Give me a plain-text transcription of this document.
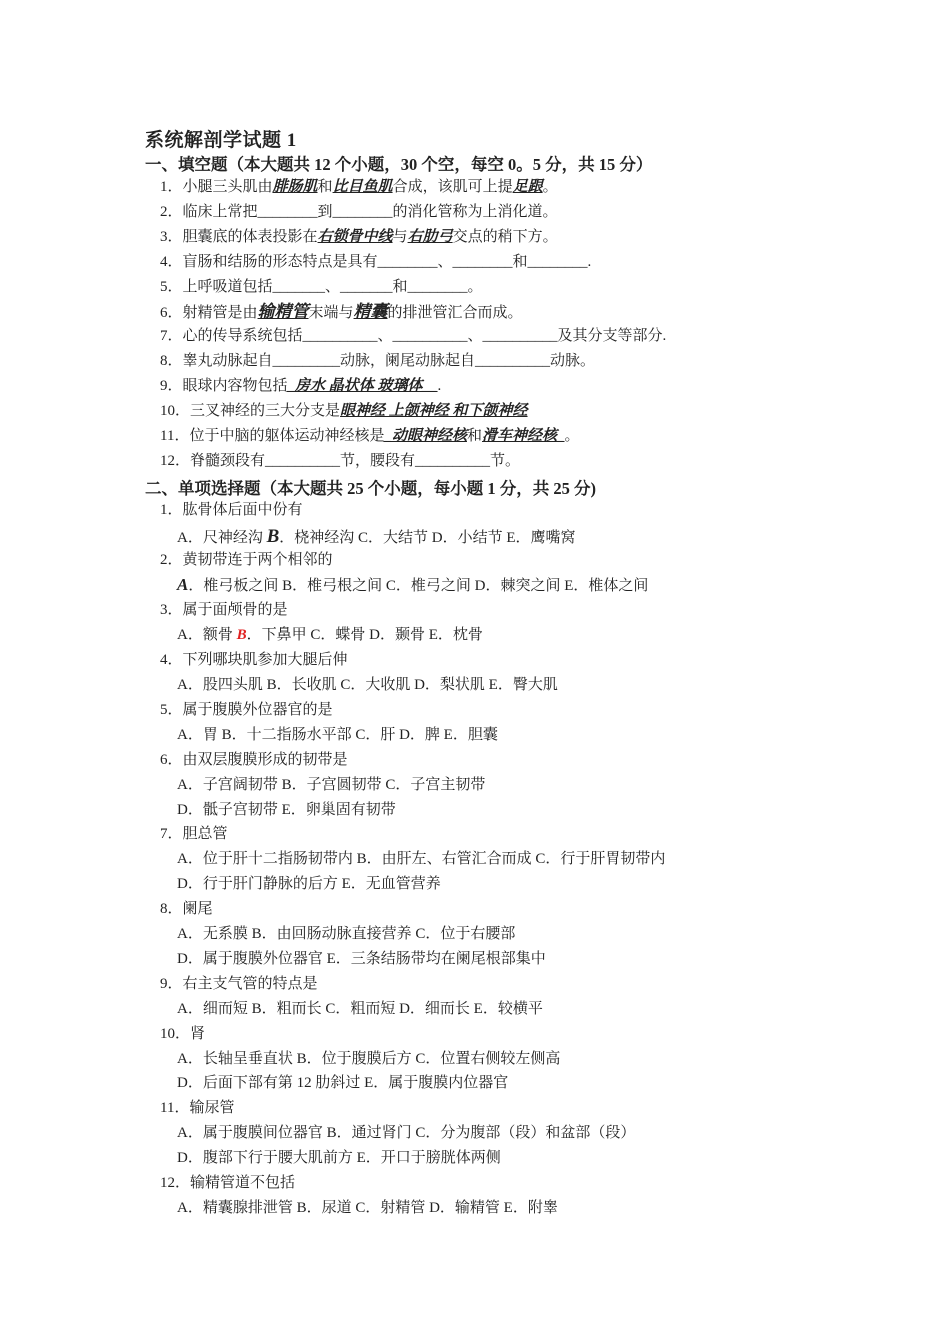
系统解剖学试题 1
一、填空题（本大题共 12 个小题，30 个空，每空 0。5 分，共 15 分）
1．小腿三头肌由腓肠肌和比目鱼肌合成，该肌可上提足跟。
2．临床上常把________到________的消化管称为上消化道。
3．胆囊底的体表投影在右锁骨中线与右肋弓交点的稍下方。
4．盲肠和结肠的形态特点是具有________、________和________.
5．上呼吸道包括_______、_______和________。
6．射精管是由输精管末端与精囊的排泄管汇合而成。
7．心的传导系统包括__________、__________、__________及其分支等部分.
8．睾丸动脉起自_________动脉，阑尾动脉起自__________动脉。
9．眼球内容物包括_房水 晶状体 玻璃体__.
10．三叉神经的三大分支是眼神经 上颌神经 和下颌神经
11．位于中脑的躯体运动神经核是_动眼神经核和滑车神经核_。
12．脊髓颈段有__________节，腰段有__________节。
二、单项选择题（本大题共 25 个小题，每小题 1 分，共 25 分)
1．肱骨体后面中份有
A．尺神经沟 B．桡神经沟 C．大结节 D．小结节 E．鹰嘴窝
2．黄韧带连于两个相邻的
A．椎弓板之间 B．椎弓根之间 C．椎弓之间 D．棘突之间 E．椎体之间
3．属于面颅骨的是
A．额骨 B．下鼻甲 C．蝶骨 D．颞骨 E．枕骨
4．下列哪块肌参加大腿后伸
A．股四头肌 B．长收肌 C．大收肌 D．梨状肌 E．臀大肌
5．属于腹膜外位器官的是
A．胃 B．十二指肠水平部 C．肝 D．脾 E．胆囊
6．由双层腹膜形成的韧带是
A．子宫阔韧带 B．子宫圆韧带 C．子宫主韧带
D．骶子宫韧带 E．卵巢固有韧带
7．胆总管
A．位于肝十二指肠韧带内 B．由肝左、右管汇合而成 C．行于肝胃韧带内
D．行于肝门静脉的后方 E．无血管营养
8．阑尾
A．无系膜 B．由回肠动脉直接营养 C．位于右腰部
D．属于腹膜外位器官 E．三条结肠带均在阑尾根部集中
9．右主支气管的特点是
A．细而短 B．粗而长 C．粗而短 D．细而长 E．较横平
10．肾
A．长轴呈垂直状 B．位于腹膜后方 C．位置右侧较左侧高
D．后面下部有第 12 肋斜过 E．属于腹膜内位器官
11．输尿管
A．属于腹膜间位器官 B．通过肾门 C．分为腹部（段）和盆部（段）
D．腹部下行于腰大肌前方 E．开口于膀胱体两侧
12．输精管道不包括
A．精囊腺排泄管 B．尿道 C．射精管 D．输精管 E．附睾
